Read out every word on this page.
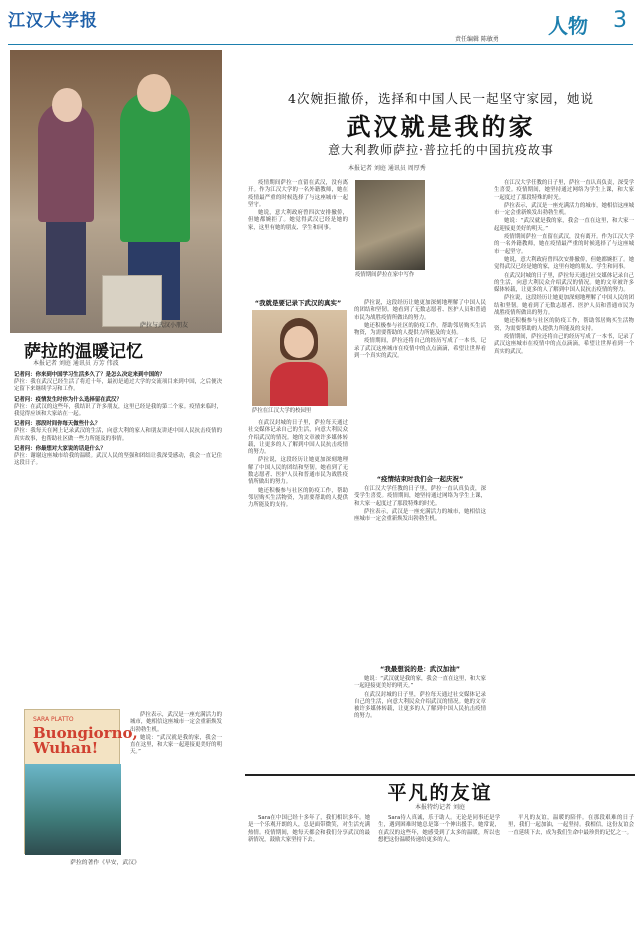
江汉大学报
责任编辑 陈敏勇
人物 3
萨拉与武汉小朋友
萨拉的温暖记忆
本报记者 刘庭 通讯员 方芳 伟波

记者问：你来到中国学习生活多久了？是怎么决定来到中国的？
萨拉：我在武汉已经生活了将近十年，最初是通过大学的交流项目来到中国，之后便决定留下来继续学习和工作。

记者问：疫情发生时你为什么选择留在武汉？
萨拉：在武汉的这些年，我结识了许多朋友，这里已经是我的第二个家。疫情来临时，我觉得应该和大家站在一起。

记者问：那段时间你每天做些什么？
萨拉：我每天在网上记录武汉的生活，向意大利的家人和朋友讲述中国人民抗击疫情的真实故事，也帮助社区做一些力所能及的事情。

记者问：你最想对大家说的话是什么？
萨拉：谢谢这座城市给我的温暖。武汉人民的坚强和团结让我深受感动，我会一直记住这段日子。

SARA PLATTO
Buongiorno, Wuhan!
萨拉的著作《早安，武汉》

萨拉表示，武汉是一座充满活力的城市，她相信这座城市一定会重新焕发出勃勃生机。

她说：“武汉就是我的家，我会一直在这里，和大家一起迎接更美好的明天。”

4次婉拒撤侨，选择和中国人民一起坚守家园，她说
武汉就是我的家
意大利教师萨拉·普拉托的中国抗疫故事
本报记者 刘庭 通讯员 周厚秀

疫情期间萨拉一直留在武汉，没有离开。作为江汉大学的一名外籍教师，她在疫情最严重的时候选择了与这座城市一起坚守。

她说，意大利政府曾四次安排撤侨，但她都婉拒了。她觉得武汉已经是她的家，这里有她的朋友、学生和同事。

“我就是要记录下武汉的真实”
疫情期间萨拉在家中写作
萨拉在江汉大学的校园里

在武汉封城的日子里，萨拉每天通过社交媒体记录自己的生活，向意大利民众介绍武汉的情况。她的文章被许多媒体转载，让更多的人了解到中国人民抗击疫情的努力。

萨拉说，这段经历让她更加深刻地理解了中国人民的团结和坚韧。她看到了无数志愿者、医护人员和普通市民为战胜疫情所做出的努力。

她还积极参与社区的防疫工作，帮助邻居购买生活物资，为需要帮助的人提供力所能及的支持。

萨拉说，这段经历让她更加深刻地理解了中国人民的团结和坚韧。她看到了无数志愿者、医护人员和普通市民为战胜疫情所做出的努力。

她还积极参与社区的防疫工作，帮助邻居购买生活物资，为需要帮助的人提供力所能及的支持。

疫情期间，萨拉还将自己的经历写成了一本书，记录了武汉这座城市在疫情中的点点滴滴，希望让世界看到一个真实的武汉。

“疫情结束时我们会一起庆祝”

在江汉大学任教的日子里，萨拉一直认真负责，深受学生喜爱。疫情期间，她坚持通过网络为学生上课，和大家一起度过了那段特殊的时光。

萨拉表示，武汉是一座充满活力的城市，她相信这座城市一定会重新焕发出勃勃生机。

“我最想说的是：武汉加油”

她说：“武汉就是我的家，我会一直在这里，和大家一起迎接更美好的明天。”

在武汉封城的日子里，萨拉每天通过社交媒体记录自己的生活，向意大利民众介绍武汉的情况。她的文章被许多媒体转载，让更多的人了解到中国人民抗击疫情的努力。

在江汉大学任教的日子里，萨拉一直认真负责，深受学生喜爱。疫情期间，她坚持通过网络为学生上课，和大家一起度过了那段特殊的时光。

萨拉表示，武汉是一座充满活力的城市，她相信这座城市一定会重新焕发出勃勃生机。

她说：“武汉就是我的家，我会一直在这里，和大家一起迎接更美好的明天。”

疫情期间萨拉一直留在武汉，没有离开。作为江汉大学的一名外籍教师，她在疫情最严重的时候选择了与这座城市一起坚守。

她说，意大利政府曾四次安排撤侨，但她都婉拒了。她觉得武汉已经是她的家，这里有她的朋友、学生和同事。

在武汉封城的日子里，萨拉每天通过社交媒体记录自己的生活，向意大利民众介绍武汉的情况。她的文章被许多媒体转载，让更多的人了解到中国人民抗击疫情的努力。

萨拉说，这段经历让她更加深刻地理解了中国人民的团结和坚韧。她看到了无数志愿者、医护人员和普通市民为战胜疫情所做出的努力。

她还积极参与社区的防疫工作，帮助邻居购买生活物资，为需要帮助的人提供力所能及的支持。

疫情期间，萨拉还将自己的经历写成了一本书，记录了武汉这座城市在疫情中的点点滴滴，希望让世界看到一个真实的武汉。

平凡的友谊
本报特约记者 刘庭

Sara在中国已经十多年了，我们相识多年。她是一个乐观开朗的人，总是面带微笑，对生活充满热情。疫情期间，她每天都会和我们分享武汉的最新情况，鼓励大家坚持下去。

Sara待人真诚，乐于助人。无论是同事还是学生，遇到困难时她总是第一个伸出援手。她常说，在武汉的这些年，她感受到了太多的温暖，所以也想把这份温暖传递给更多的人。

平凡的友谊，温暖的陪伴。在那段艰难的日子里，我们一起加油，一起坚持。我相信，这份友谊会一直延续下去，成为我们生命中最珍贵的记忆之一。
